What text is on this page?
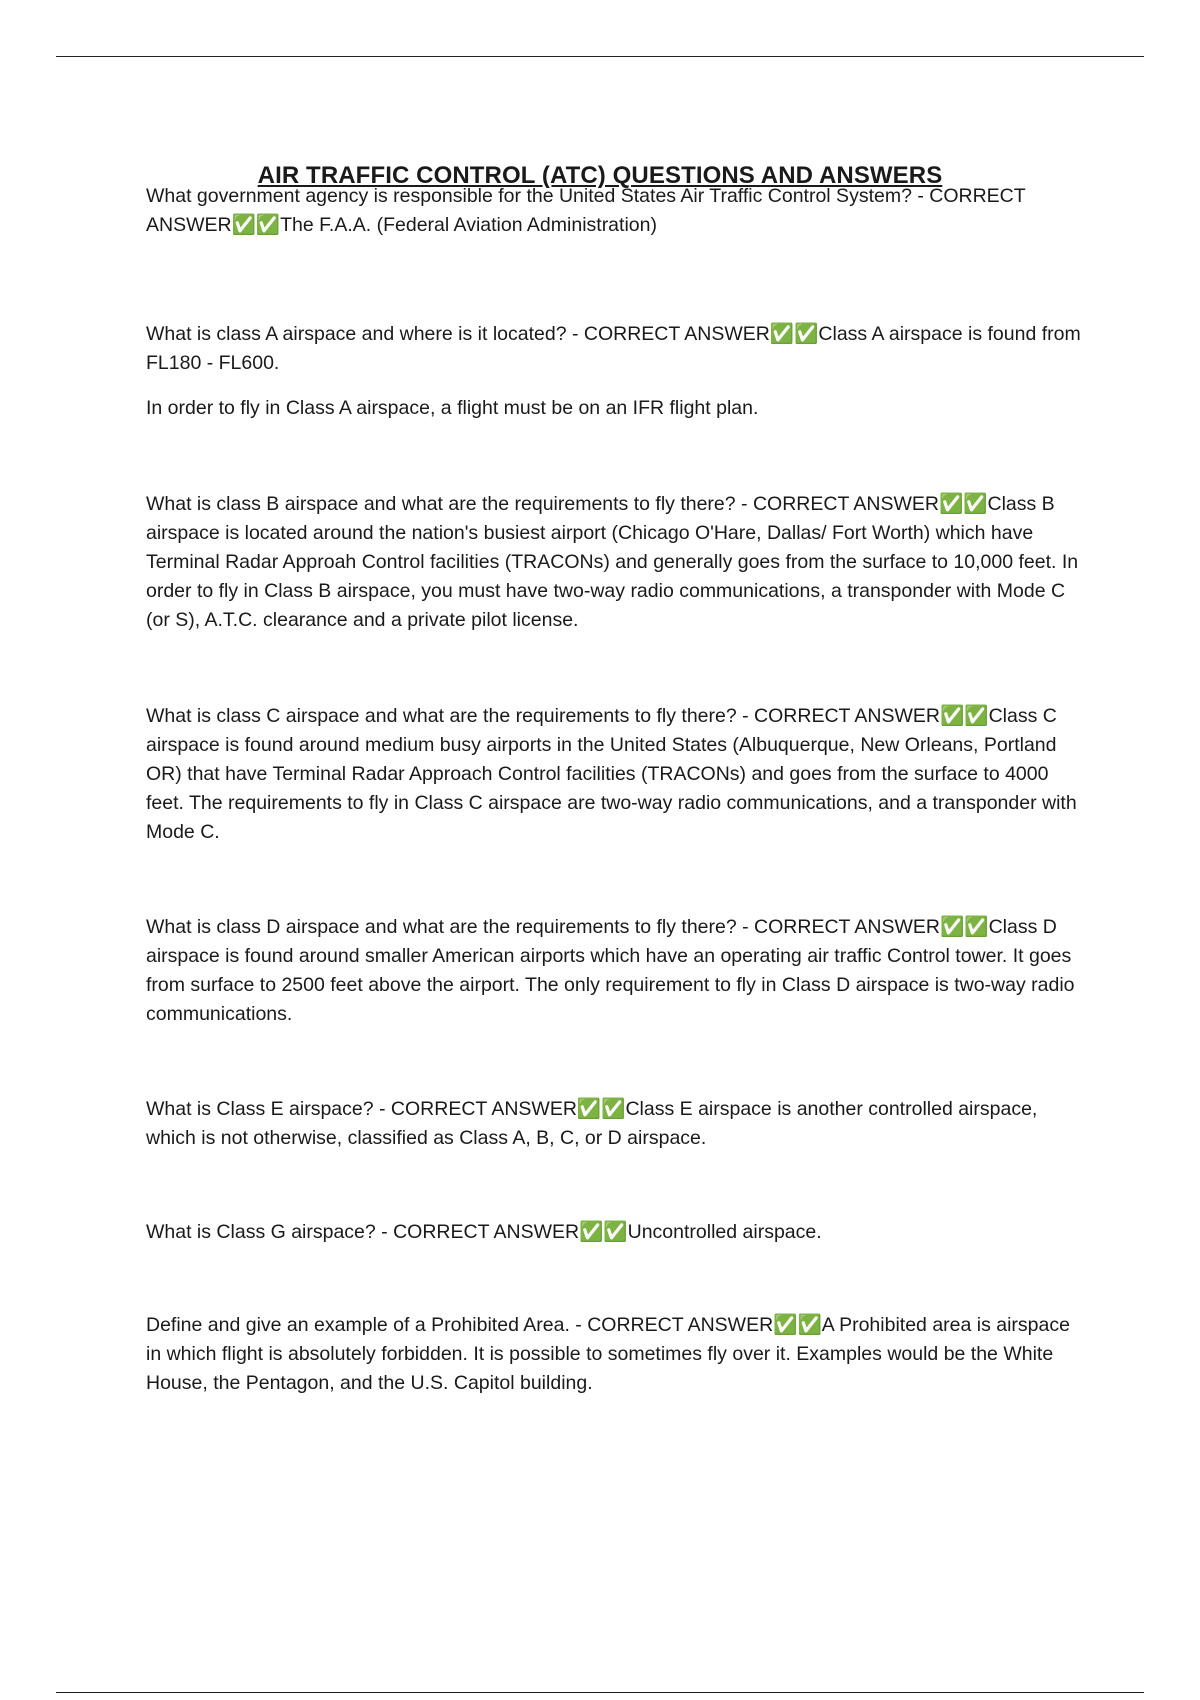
AIR TRAFFIC CONTROL (ATC) QUESTIONS AND ANSWERS

What government agency is responsible for the United States Air Traffic Control System? - CORRECT ANSWER✅✅The F.A.A. (Federal Aviation Administration)

What is class A airspace and where is it located? - CORRECT ANSWER✅✅Class A airspace is found from FL180 - FL600.

In order to fly in Class A airspace, a flight must be on an IFR flight plan.

What is class B airspace and what are the requirements to fly there? - CORRECT ANSWER✅✅Class B airspace is located around the nation's busiest airport (Chicago O'Hare, Dallas/ Fort Worth) which have Terminal Radar Approah Control facilities (TRACONs) and generally goes from the surface to 10,000 feet. In order to fly in Class B airspace, you must have two-way radio communications, a transponder with Mode C (or S), A.T.C. clearance and a private pilot license.

What is class C airspace and what are the requirements to fly there? - CORRECT ANSWER✅✅Class C airspace is found around medium busy airports in the United States (Albuquerque, New Orleans, Portland OR) that have Terminal Radar Approach Control facilities (TRACONs) and goes from the surface to 4000 feet. The requirements to fly in Class C airspace are two-way radio communications, and a transponder with Mode C.

What is class D airspace and what are the requirements to fly there? - CORRECT ANSWER✅✅Class D airspace is found around smaller American airports which have an operating air traffic Control tower. It goes from surface to 2500 feet above the airport. The only requirement to fly in Class D airspace is two-way radio communications.

What is Class E airspace? - CORRECT ANSWER✅✅Class E airspace is another controlled airspace, which is not otherwise, classified as Class A, B, C, or D airspace.

What is Class G airspace? - CORRECT ANSWER✅✅Uncontrolled airspace.

Define and give an example of a Prohibited Area. - CORRECT ANSWER✅✅A Prohibited area is airspace in which flight is absolutely forbidden. It is possible to sometimes fly over it. Examples would be the White House, the Pentagon, and the U.S. Capitol building.
